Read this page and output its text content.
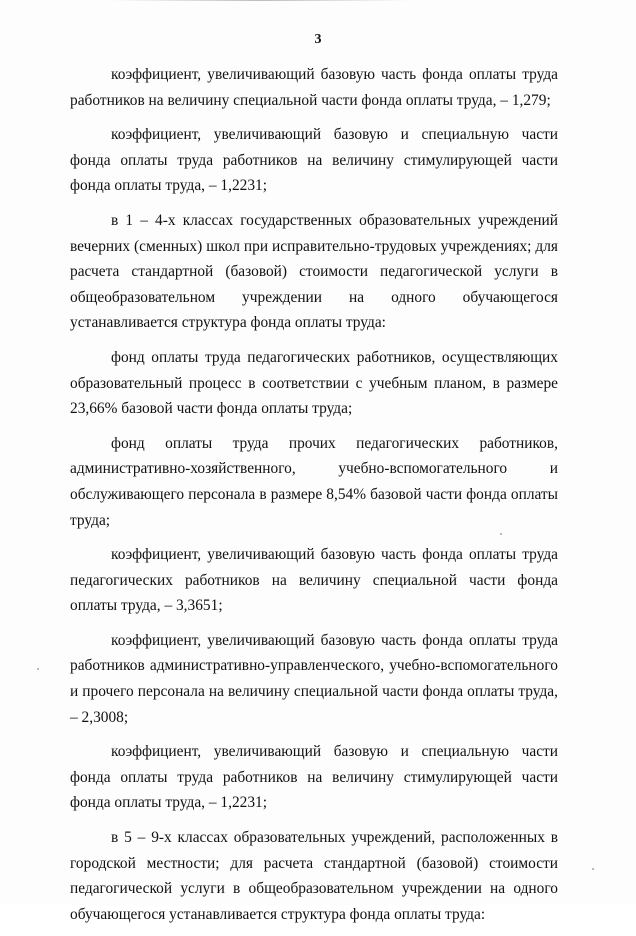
3

коэффициент, увеличивающий базовую часть фонда оплаты труда работников на величину специальной части фонда оплаты труда, – 1,279;

коэффициент, увеличивающий базовую и специальную части фонда оплаты труда работников на величину стимулирующей части фонда оплаты труда, – 1,2231;

в 1 – 4-х классах государственных образовательных учреждений вечерних (сменных) школ при исправительно-трудовых учреждениях; для расчета стандартной (базовой) стоимости педагогической услуги в общеобразовательном учреждении на одного обучающегося устанавливается структура фонда оплаты труда:

фонд оплаты труда педагогических работников, осуществляющих образовательный процесс в соответствии с учебным планом, в размере 23,66% базовой части фонда оплаты труда;

фонд оплаты труда прочих педагогических работников, административно-хозяйственного, учебно-вспомогательного и обслуживающего персонала в размере 8,54% базовой части фонда оплаты труда;

коэффициент, увеличивающий базовую часть фонда оплаты труда педагогических работников на величину специальной части фонда оплаты труда, – 3,3651;

коэффициент, увеличивающий базовую часть фонда оплаты труда работников административно-управленческого, учебно-вспомогательного и прочего персонала на величину специальной части фонда оплаты труда, – 2,3008;

коэффициент, увеличивающий базовую и специальную части фонда оплаты труда работников на величину стимулирующей части фонда оплаты труда, – 1,2231;

в 5 – 9-х классах образовательных учреждений, расположенных в городской местности; для расчета стандартной (базовой) стоимости педагогической услуги в общеобразовательном учреждении на одного обучающегося устанавливается структура фонда оплаты труда:
